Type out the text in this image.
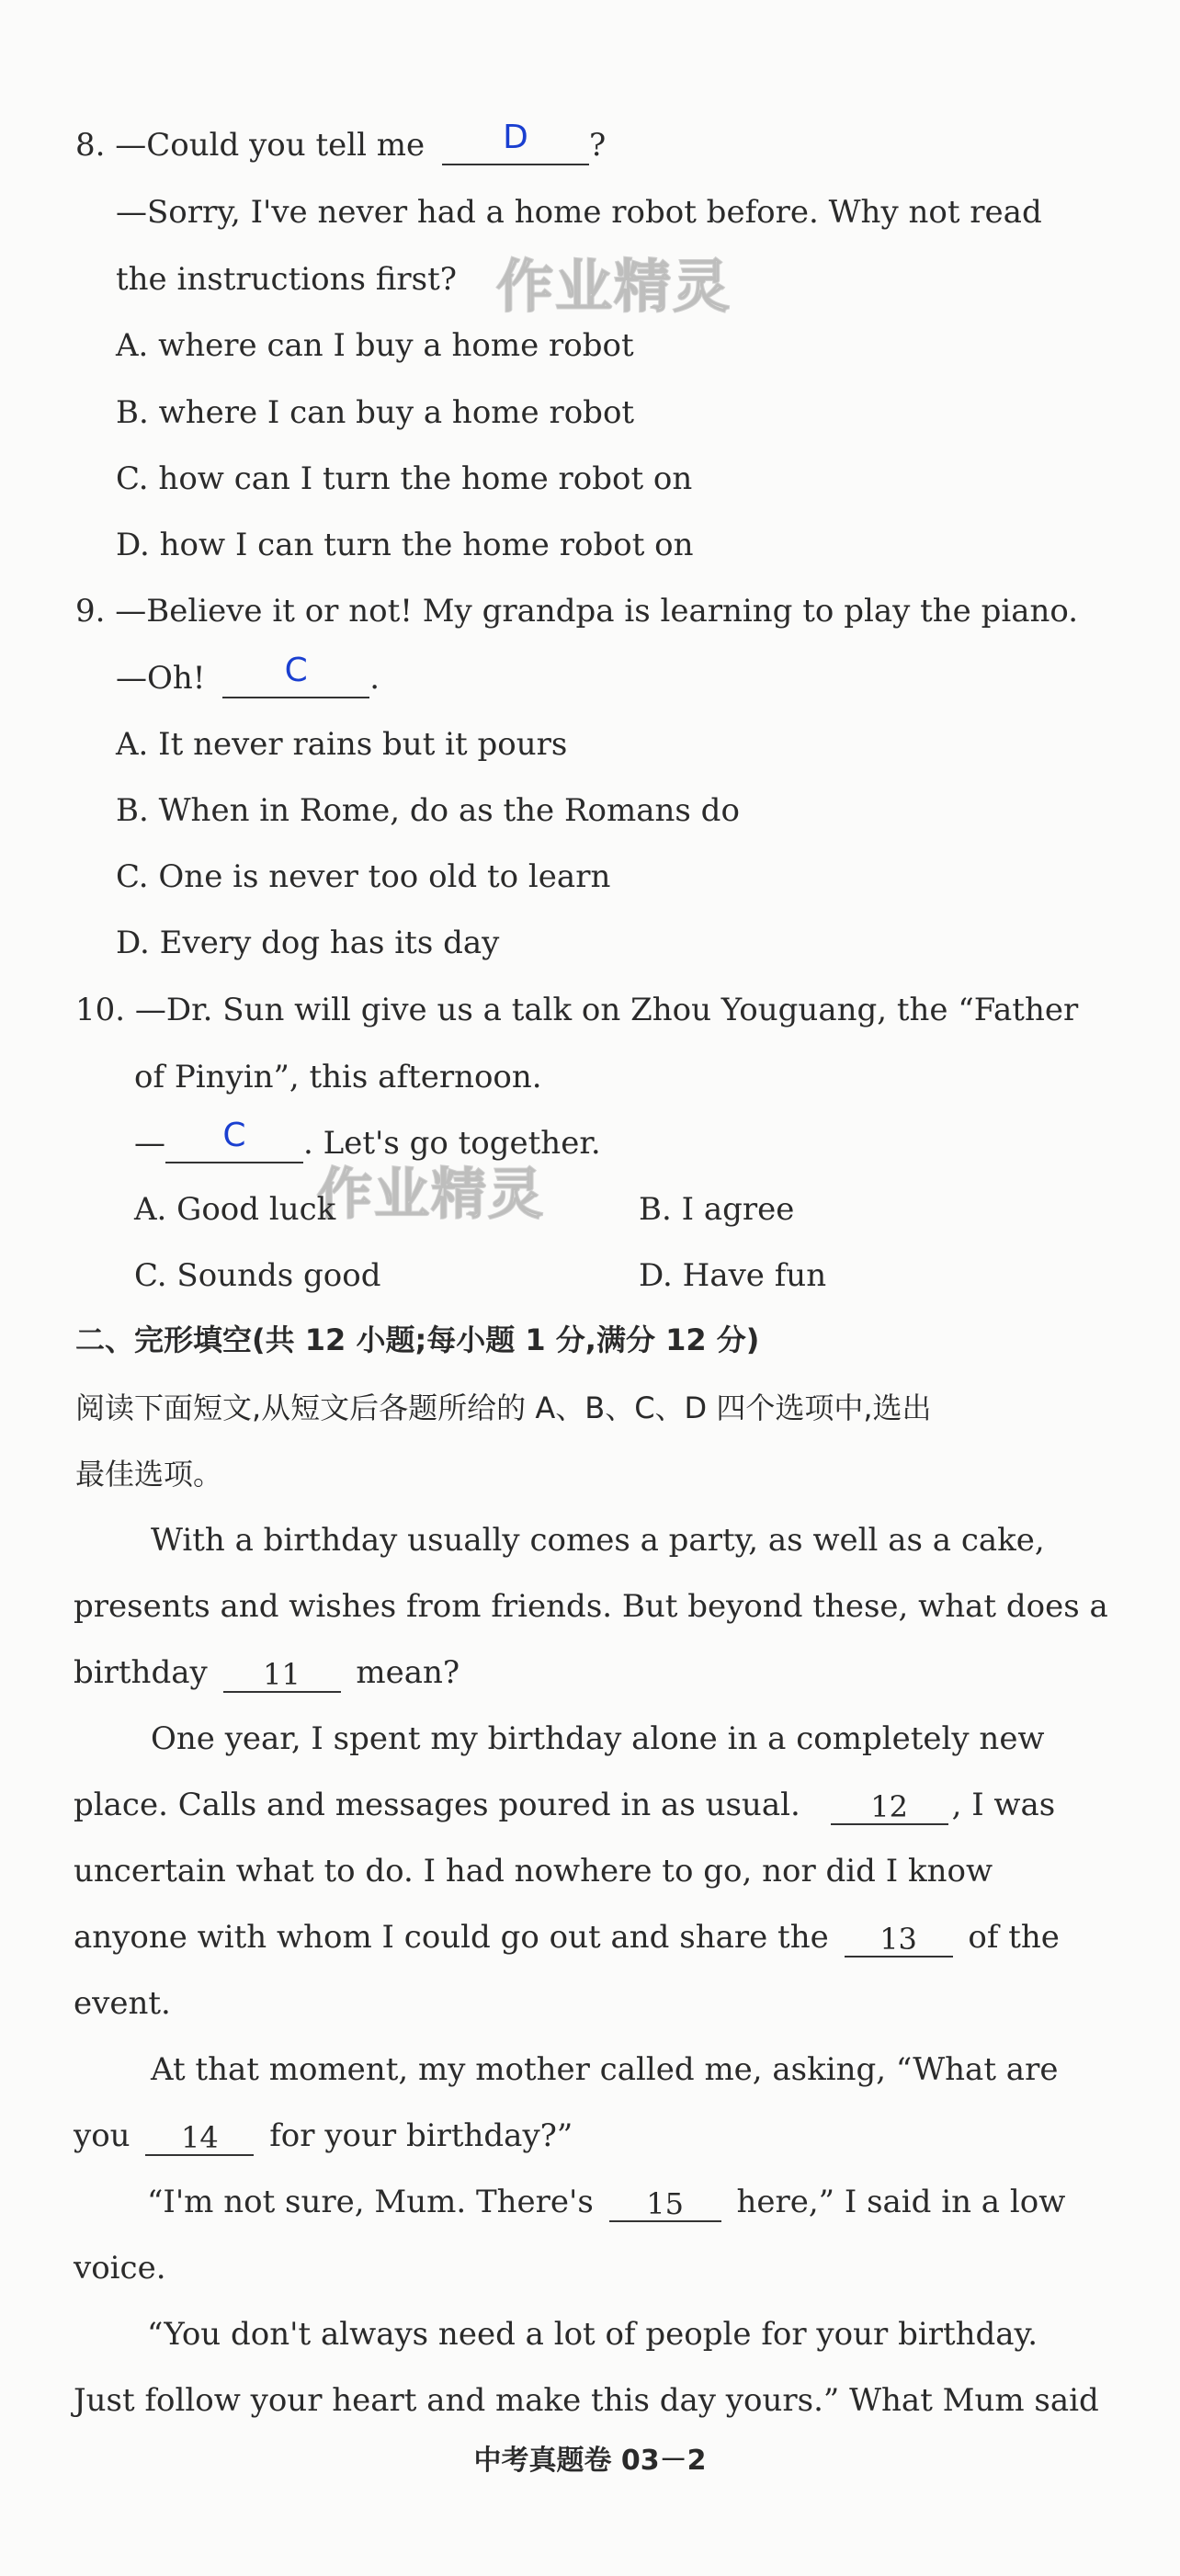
作业精灵
作业精灵
8. —Could you tell me	D	?
—Sorry, I've never had a home robot before. Why not read
the instructions first?
A. where can I buy a home robot
B. where I can buy a home robot
C. how can I turn the home robot on
D. how I can turn the home robot on
9. —Believe it or not! My grandpa is learning to play the piano.
—Oh!	C	.
A. It never rains but it pours
B. When in Rome, do as the Romans do
C. One is never too old to learn
D. Every dog has its day
10. —Dr. Sun will give us a talk on Zhou Youguang, the “Father
of Pinyin”, this afternoon.
—	C	. Let's go together.
A. Good luck	B. I agree
C. Sounds good	D. Have fun
二、完形填空(共 12 小题;每小题 1 分,满分 12 分)
阅读下面短文,从短文后各题所给的 A、B、C、D 四个选项中,选出
最佳选项。
With a birthday usually comes a party, as well as a cake,
presents and wishes from friends. But beyond these, what does a
birthday	11	mean?
One year, I spent my birthday alone in a completely new
place. Calls and messages poured in as usual.	12	, I was
uncertain what to do. I had nowhere to go, nor did I know
anyone with whom I could go out and share the	13	of the
event.
At that moment, my mother called me, asking, “What are
you	14	for your birthday?”
“I'm not sure, Mum. There's	15	here,” I said in a low
voice.
“You don't always need a lot of people for your birthday.
Just follow your heart and make this day yours.” What Mum said
中考真题卷 03－2
